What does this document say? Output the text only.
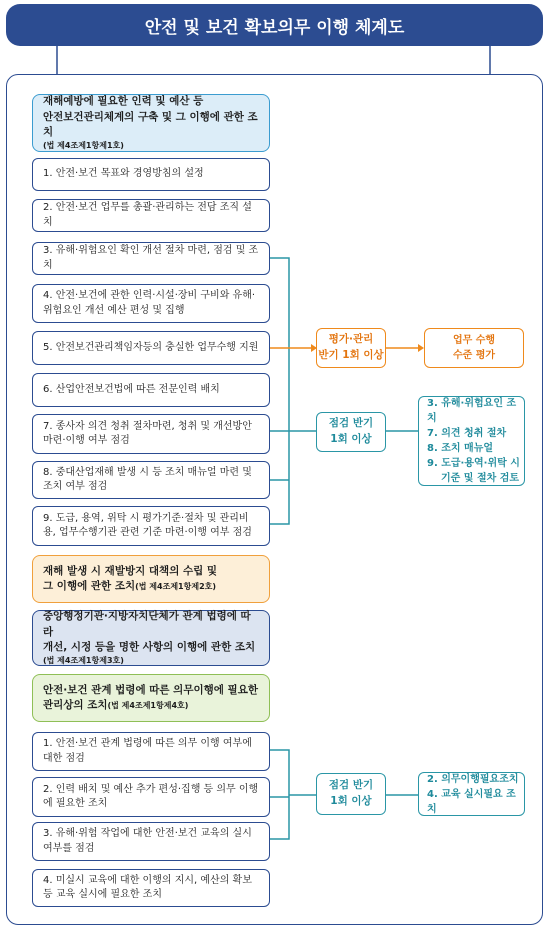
안전 및 보건 확보의무 이행 체계도
재해예방에 필요한 인력 및 예산 등
안전보건관리체계의 구축 및 그 이행에 관한 조치
(법 제4조제1항제1호)
1. 안전·보건 목표와 경영방침의 설정
2. 안전·보건 업무를 총괄·관리하는 전담 조직 설치
3. 유해·위험요인 확인 개선 절차 마련, 점검 및 조치
4. 안전·보건에 관한 인력·시설·장비 구비와 유해·위험요인 개선 예산 편성 및 집행
5. 안전보건관리책임자등의 충실한 업무수행 지원
6. 산업안전보건법에 따른 전문인력 배치
7. 종사자 의견 청취 절차마련, 청취 및 개선방안 마련·이행 여부 점검
8. 중대산업재해 발생 시 등 조치 매뉴얼 마련 및 조치 여부 점검
9. 도급, 용역, 위탁 시 평가기준·절차 및 관리비용, 업무수행기관 관련 기준 마련·이행 여부 점검
재해 발생 시 재발방지 대책의 수립 및
그 이행에 관한 조치(법 제4조제1항제2호)
중앙행정기관·지방자치단체가 관계 법령에 따라
개선, 시정 등을 명한 사항의 이행에 관한 조치
(법 제4조제1항제3호)
안전·보건 관계 법령에 따른 의무이행에 필요한
관리상의 조치(법 제4조제1항제4호)
1. 안전·보건 관계 법령에 따른 의무 이행 여부에 대한 점검
2. 인력 배치 및 예산 추가 편성·집행 등 의무 이행에 필요한 조치
3. 유해·위험 작업에 대한 안전·보건 교육의 실시 여부를 점검
4. 미실시 교육에 대한 이행의 지시, 예산의 확보 등 교육 실시에 필요한 조치
평가·관리
반기 1회 이상
점검 반기
1회 이상
점검 반기
1회 이상
업무 수행
수준 평가
3. 유해·위험요인 조치
7. 의견 청취 절차
8. 조치 매뉴얼
9. 도급·용역·위탁 시
기준 및 절차 검토
2. 의무이행필요조치
4. 교육 실시필요 조치
